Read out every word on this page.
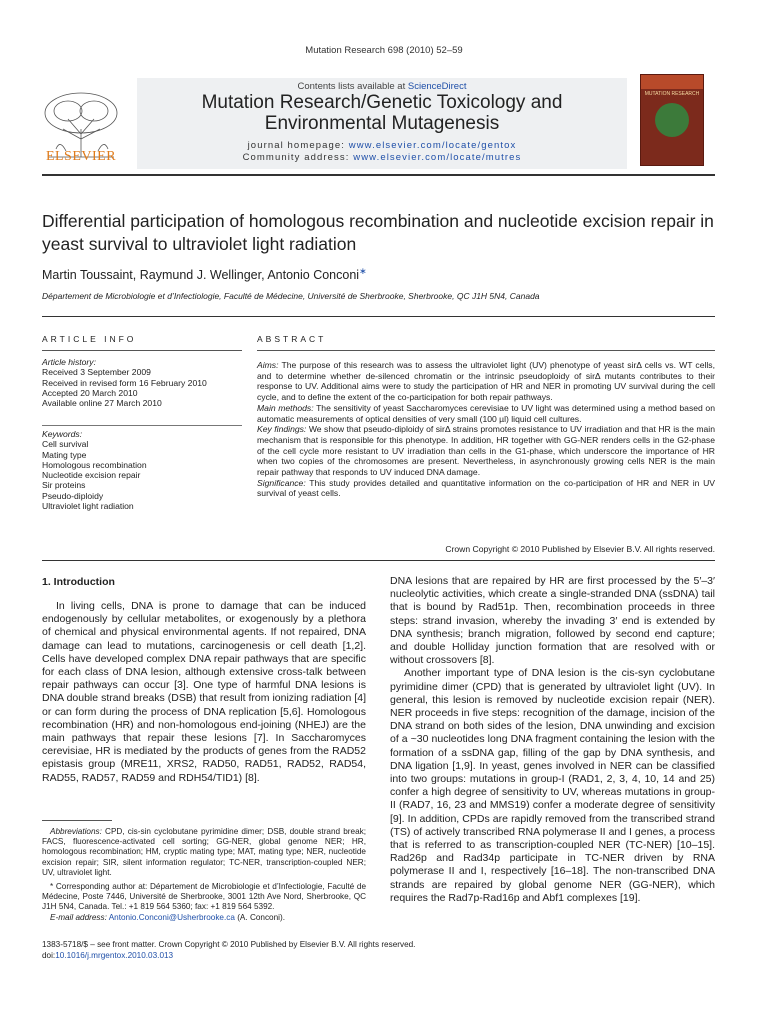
Mutation Research 698 (2010) 52–59
ELSEVIER
Contents lists available at ScienceDirect
Mutation Research/Genetic Toxicology and
Environmental Mutagenesis
journal homepage: www.elsevier.com/locate/gentox
Community address: www.elsevier.com/locate/mutres
MUTATION RESEARCH
Differential participation of homologous recombination and nucleotide excision repair in yeast survival to ultraviolet light radiation
Martin Toussaint, Raymund J. Wellinger, Antonio Conconi∗
Département de Microbiologie et d’Infectiologie, Faculté de Médecine, Université de Sherbrooke, Sherbrooke, QC J1H 5N4, Canada
ARTICLE INFO	ABSTRACT
Article history:
Received 3 September 2009
Received in revised form 16 February 2010
Accepted 20 March 2010
Available online 27 March 2010
Keywords:
Cell survival
Mating type
Homologous recombination
Nucleotide excision repair
Sir proteins
Pseudo-diploidy
Ultraviolet light radiation

Aims: The purpose of this research was to assess the ultraviolet light (UV) phenotype of yeast sirΔ cells vs. WT cells, and to determine whether de-silenced chromatin or the intrinsic pseudoploidy of sirΔ mutants contributes to their response to UV. Additional aims were to study the participation of HR and NER in promoting UV survival during the cell cycle, and to define the extent of the co-participation for both repair pathways.

Main methods: The sensitivity of yeast Saccharomyces cerevisiae to UV light was determined using a method based on automatic measurements of optical densities of very small (100 µl) liquid cell cultures.

Key findings: We show that pseudo-diploidy of sirΔ strains promotes resistance to UV irradiation and that HR is the main mechanism that is responsible for this phenotype. In addition, HR together with GG-NER renders cells in the G2-phase of the cell cycle more resistant to UV irradiation than cells in the G1-phase, which underscore the importance of HR when two copies of the chromosomes are present. Nevertheless, in asynchronously growing cells NER is the main repair pathway that responds to UV induced DNA damage.

Significance: This study provides detailed and quantitative information on the co-participation of HR and NER in UV survival of yeast cells.

Crown Copyright © 2010 Published by Elsevier B.V. All rights reserved.
1. Introduction

In living cells, DNA is prone to damage that can be induced endogenously by cellular metabolites, or exogenously by a plethora of chemical and physical environmental agents. If not repaired, DNA damage can lead to mutations, carcinogenesis or cell death [1,2]. Cells have developed complex DNA repair pathways that are specific for each class of DNA lesion, although extensive cross-talk between repair pathways can occur [3]. One type of harmful DNA lesions is DNA double strand breaks (DSB) that result from ionizing radiation [4] or can form during the process of DNA replication [5,6]. Homologous recombination (HR) and non-homologous end-joining (NHEJ) are the main pathways that repair these lesions [7]. In Saccharomyces cerevisiae, HR is mediated by the products of genes from the RAD52 epistasis group (MRE11, XRS2, RAD50, RAD51, RAD52, RAD54, RAD55, RAD57, RAD59 and RDH54/TID1) [8].

DNA lesions that are repaired by HR are first processed by the 5′–3′ nucleolytic activities, which create a single-stranded DNA (ssDNA) tail that is bound by Rad51p. Then, recombination proceeds in three steps: strand invasion, whereby the invading 3′ end is extended by DNA synthesis; branch migration, followed by second end capture; and double Holliday junction formation that are resolved with or without crossovers [8].

Another important type of DNA lesion is the cis-syn cyclobutane pyrimidine dimer (CPD) that is generated by ultraviolet light (UV). In general, this lesion is removed by nucleotide excision repair (NER). NER proceeds in five steps: recognition of the damage, incision of the DNA strand on both sides of the lesion, DNA unwinding and excision of a ~30 nucleotides long DNA fragment containing the lesion with the formation of a ssDNA gap, filling of the gap by DNA synthesis, and DNA ligation [1,9]. In yeast, genes involved in NER can be classified into two groups: mutations in group-I (RAD1, 2, 3, 4, 10, 14 and 25) confer a high degree of sensitivity to UV, whereas mutations in group-II (RAD7, 16, 23 and MMS19) confer a moderate degree of sensitivity [9]. In addition, CPDs are rapidly removed from the transcribed strand (TS) of actively transcribed RNA polymerase II and I genes, a process that is referred to as transcription-coupled NER (TC-NER) [10–15]. Rad26p and Rad34p participate in TC-NER driven by RNA polymerase II and I, respectively [16–18]. The non-transcribed DNA strands are repaired by global genome NER (GG-NER), which requires the Rad7p-Rad16p and Abf1 complexes [19].

Abbreviations: CPD, cis-sin cyclobutane pyrimidine dimer; DSB, double strand break; FACS, fluorescence-activated cell sorting; GG-NER, global genome NER; HR, homologous recombination; HM, cryptic mating type; MAT, mating type; NER, nucleotide excision repair; SIR, silent information regulator; TC-NER, transcription-coupled NER; UV, ultraviolet light.

* Corresponding author at: Département de Microbiologie et d’Infectiologie, Faculté de Médecine, Poste 7446, Université de Sherbrooke, 3001 12th Ave Nord, Sherbrooke, QC J1H 5N4, Canada. Tel.: +1 819 564 5360; fax: +1 819 564 5392.

E-mail address: Antonio.Conconi@Usherbrooke.ca (A. Conconi).

1383-5718/$ – see front matter. Crown Copyright © 2010 Published by Elsevier B.V. All rights reserved.
doi:10.1016/j.mrgentox.2010.03.013
